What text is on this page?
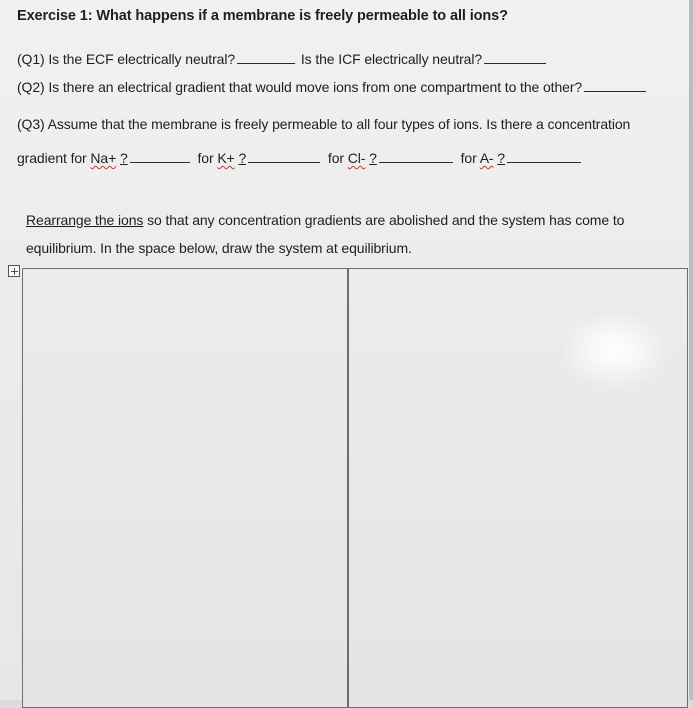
Exercise 1: What happens if a membrane is freely permeable to all ions?
(Q1) Is the ECF electrically neutral?	Is the ICF electrically neutral?
(Q2) Is there an electrical gradient that would move ions from one compartment to the other?
(Q3) Assume that the membrane is freely permeable to all four types of ions. Is there a concentration
gradient for Na+ ?	for K+ ?	for Cl- ?	for A- ?
Rearrange the ions so that any concentration gradients are abolished and the system has come to
equilibrium. In the space below, draw the system at equilibrium.
